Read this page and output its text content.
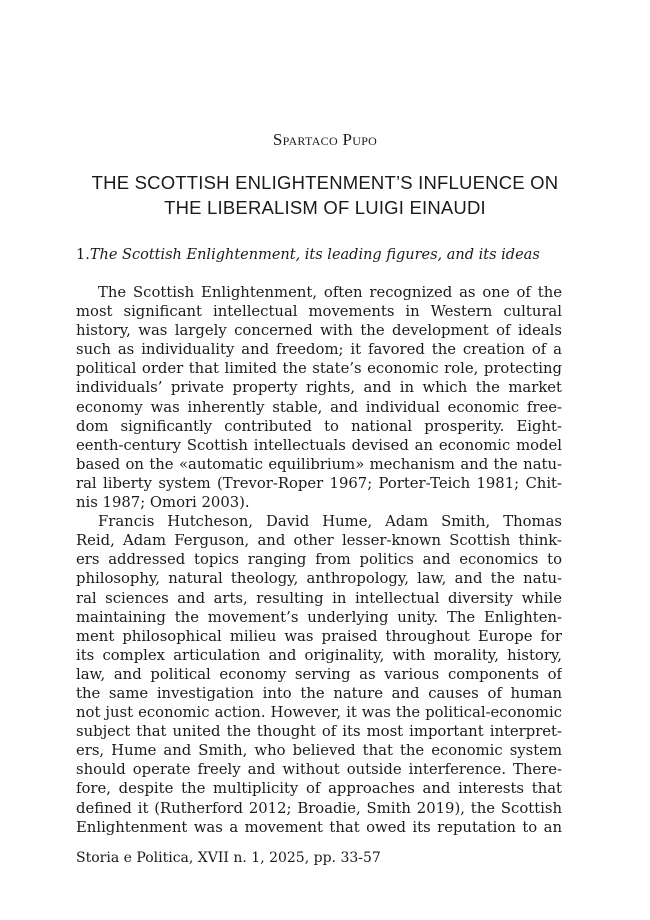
Spartaco Pupo
THE SCOTTISH ENLIGHTENMENT’S INFLUENCE ON
THE LIBERALISM OF LUIGI EINAUDI
1.The Scottish Enlightenment, its leading figures, and its ideas
The Scottish Enlightenment, often recognized as one of the
most significant intellectual movements in Western cultural
history, was largely concerned with the development of ideals
such as individuality and freedom; it favored the creation of a
political order that limited the state’s economic role, protecting
individuals’ private property rights, and in which the market
economy was inherently stable, and individual economic free-
dom significantly contributed to national prosperity. Eight-
eenth-century Scottish intellectuals devised an economic model
based on the «automatic equilibrium» mechanism and the natu-
ral liberty system (Trevor-Roper 1967; Porter-Teich 1981; Chit-
nis 1987; Omori 2003).
Francis Hutcheson, David Hume, Adam Smith, Thomas
Reid, Adam Ferguson, and other lesser-known Scottish think-
ers addressed topics ranging from politics and economics to
philosophy, natural theology, anthropology, law, and the natu-
ral sciences and arts, resulting in intellectual diversity while
maintaining the movement’s underlying unity. The Enlighten-
ment philosophical milieu was praised throughout Europe for
its complex articulation and originality, with morality, history,
law, and political economy serving as various components of
the same investigation into the nature and causes of human
not just economic action. However, it was the political-economic
subject that united the thought of its most important interpret-
ers, Hume and Smith, who believed that the economic system
should operate freely and without outside interference. There-
fore, despite the multiplicity of approaches and interests that
defined it (Rutherford 2012; Broadie, Smith 2019), the Scottish
Enlightenment was a movement that owed its reputation to an
Storia e Politica, XVII n. 1, 2025, pp. 33-57
